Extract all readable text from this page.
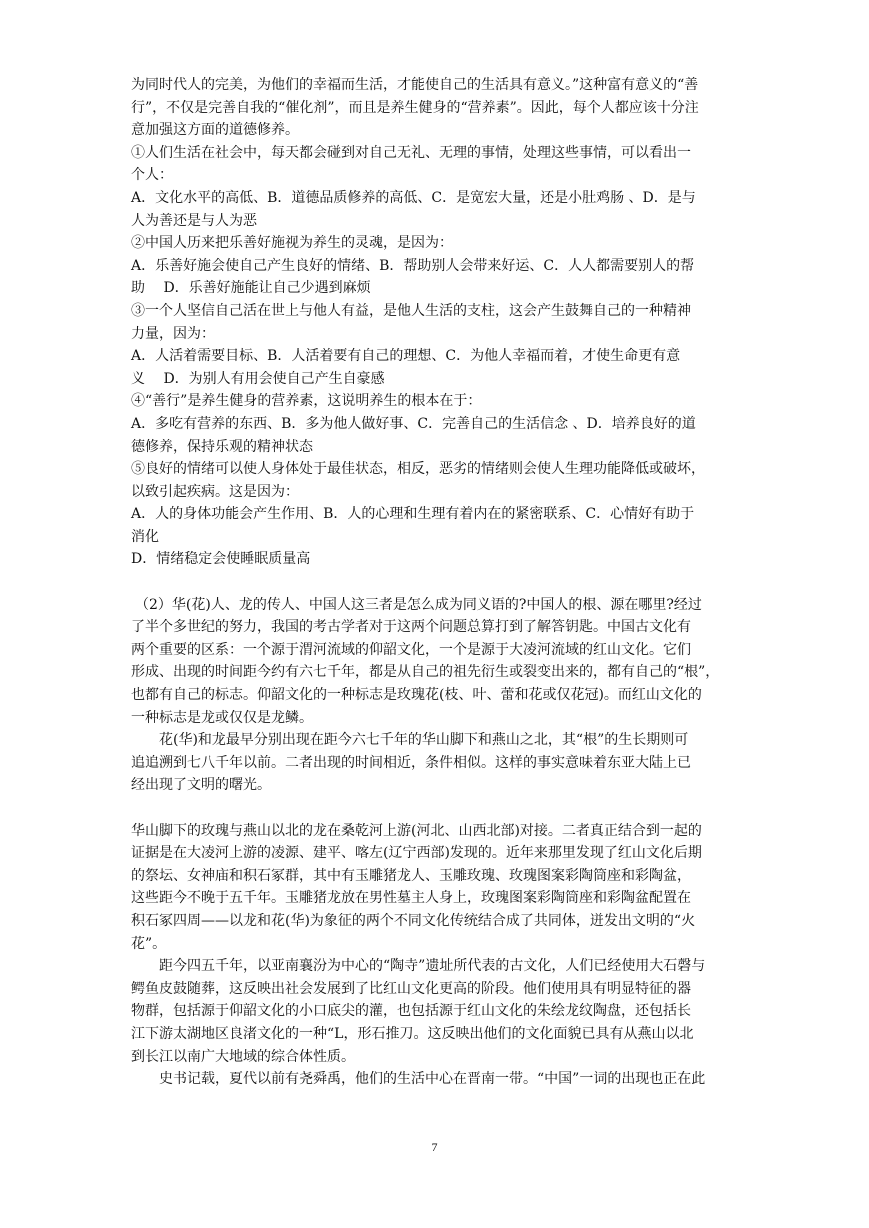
为同时代人的完美，为他们的幸福而生活，才能使自己的生活具有意义。”这种富有意义的“善
行”，不仅是完善自我的“催化剂”，而且是养生健身的“营养素”。因此，每个人都应该十分注
意加强这方面的道德修养。
①人们生活在社会中，每天都会碰到对自己无礼、无理的事情，处理这些事情，可以看出一
个人：
A．文化水平的高低、B．道德品质修养的高低、C．是宽宏大量，还是小肚鸡肠 、D．是与
人为善还是与人为恶
②中国人历来把乐善好施视为养生的灵魂，是因为：
A．乐善好施会使自己产生良好的情绪、B．帮助别人会带来好运、C．人人都需要别人的帮
助　 D．乐善好施能让自己少遇到麻烦
③一个人坚信自己活在世上与他人有益，是他人生活的支柱，这会产生鼓舞自己的一种精神
力量，因为：
A．人活着需要目标、B．人活着要有自己的理想、C．为他人幸福而着，才使生命更有意
义　 D．为别人有用会使自己产生自豪感
④“善行”是养生健身的营养素，这说明养生的根本在于：
A．多吃有营养的东西、B．多为他人做好事、C．完善自己的生活信念 、D．培养良好的道
德修养，保持乐观的精神状态
⑤良好的情绪可以使人身体处于最佳状态，相反，恶劣的情绪则会使人生理功能降低或破坏，
以致引起疾病。这是因为：
A．人的身体功能会产生作用、B．人的心理和生理有着内在的紧密联系、C．心情好有助于
消化
D．情绪稳定会使睡眠质量高
（2）华(花)人、龙的传人、中国人这三者是怎么成为同义语的?中国人的根、源在哪里?经过
了半个多世纪的努力，我国的考古学者对于这两个问题总算打到了解答钥匙。中国古文化有
两个重要的区系：一个源于渭河流域的仰韶文化，一个是源于大凌河流域的红山文化。它们
形成、出现的时间距今约有六七千年，都是从自己的祖先衍生或裂变出来的，都有自己的“根”，
也都有自己的标志。仰韶文化的一种标志是玫瑰花(枝、叶、蕾和花或仅花冠)。而红山文化的
一种标志是龙或仅仅是龙鳞。
花(华)和龙最早分别出现在距今六七千年的华山脚下和燕山之北，其“根”的生长期则可
追追溯到七八千年以前。二者出现的时间相近，条件相似。这样的事实意味着东亚大陆上已
经出现了文明的曙光。
华山脚下的玫瑰与燕山以北的龙在桑乾河上游(河北、山西北部)对接。二者真正结合到一起的
证据是在大凌河上游的凌源、建平、喀左(辽宁西部)发现的。近年来那里发现了红山文化后期
的祭坛、女神庙和积石冢群，其中有玉雕猪龙人、玉雕玫瑰、玫瑰图案彩陶筒座和彩陶盆，
这些距今不晚于五千年。玉雕猪龙放在男性墓主人身上，玫瑰图案彩陶筒座和彩陶盆配置在
积石冢四周——以龙和花(华)为象征的两个不同文化传统结合成了共同体，迸发出文明的“火
花”。
距今四五千年，以亚南襄汾为中心的“陶寺”遗址所代表的古文化，人们已经使用大石磬与
鳄鱼皮鼓随葬，这反映出社会发展到了比红山文化更高的阶段。他们使用具有明显特征的器
物群，包括源于仰韶文化的小口底尖的灌，也包括源于红山文化的朱绘龙纹陶盘，还包括长
江下游太湖地区良渚文化的一种“L，形石推刀。这反映出他们的文化面貌已具有从燕山以北
到长江以南广大地域的综合体性质。
史书记载，夏代以前有尧舜禹，他们的生活中心在晋南一带。“中国”一词的出现也正在此
7
